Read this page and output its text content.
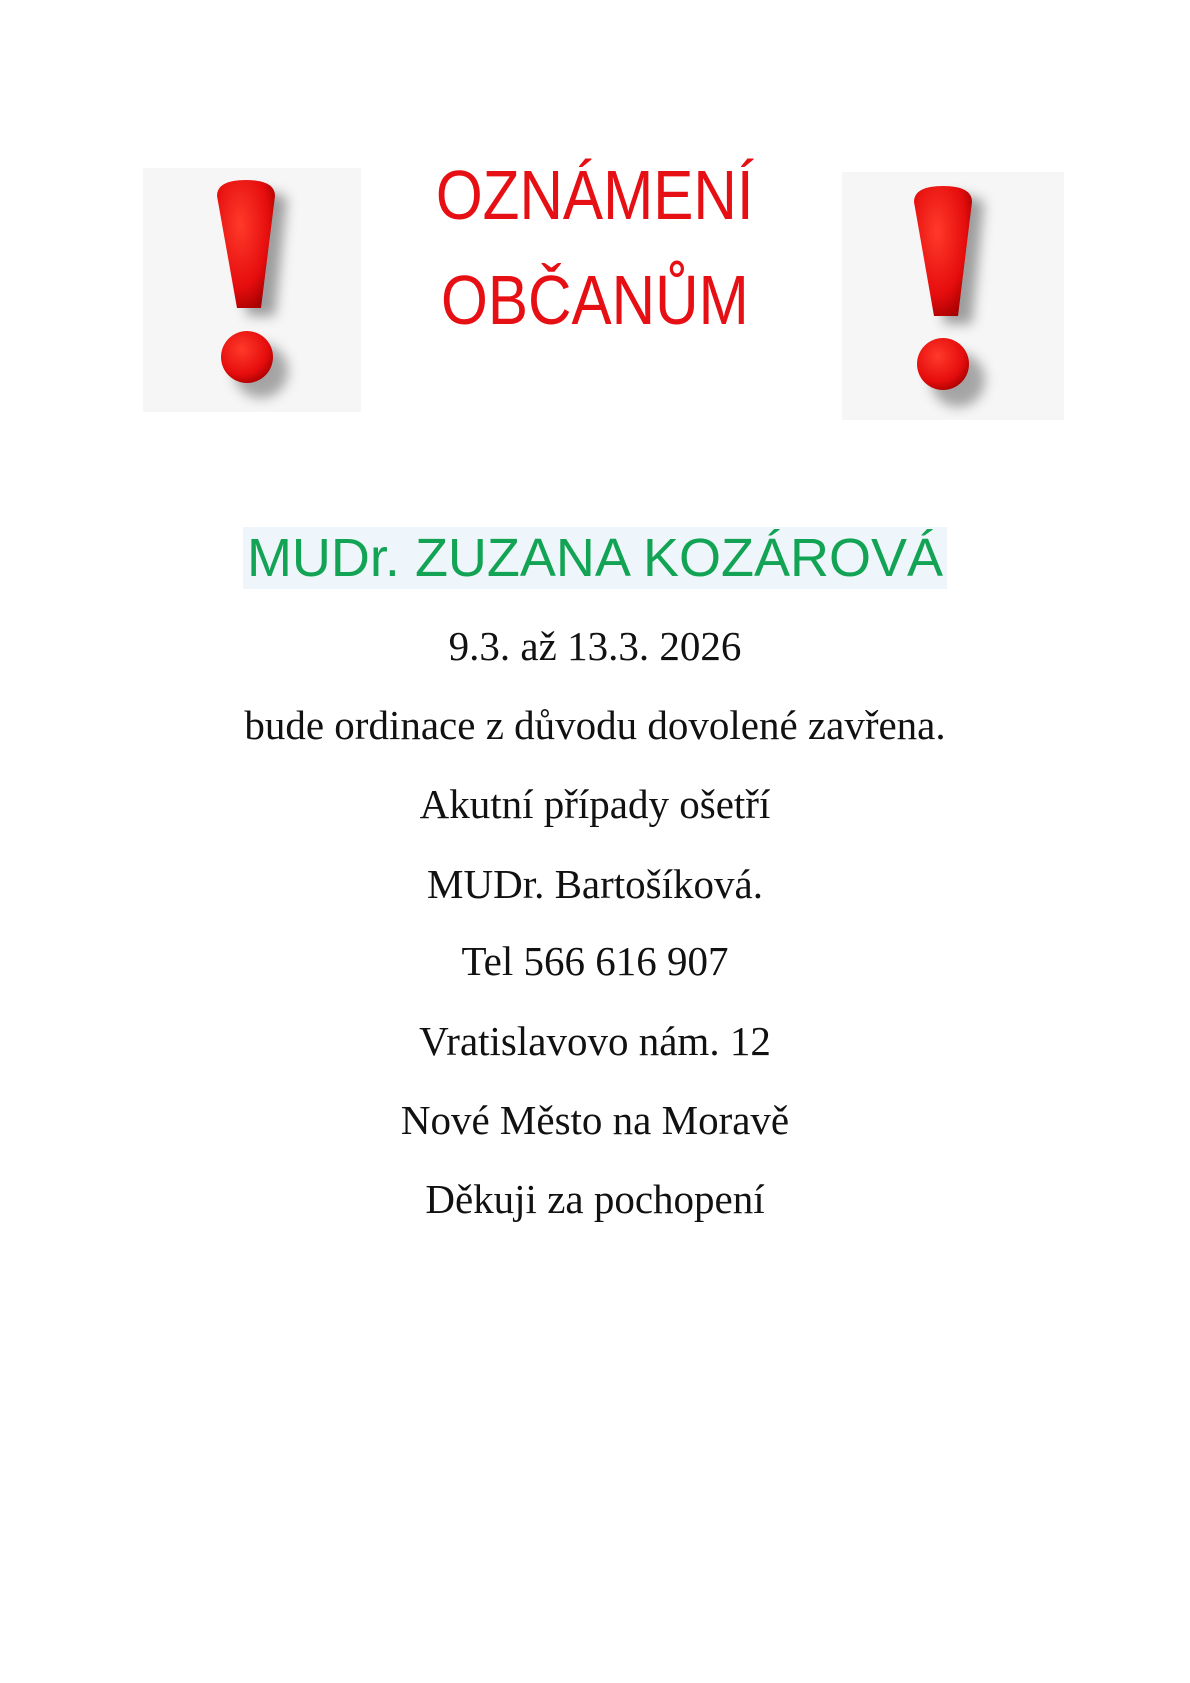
OZNÁMENÍ
OBČANŮM
MUDr. ZUZANA KOZÁROVÁ
9.3. až 13.3. 2026
bude ordinace z důvodu dovolené zavřena.
Akutní případy ošetří
MUDr. Bartošíková.
Tel 566 616 907
Vratislavovo nám. 12
Nové Město na Moravě
Děkuji za pochopení
